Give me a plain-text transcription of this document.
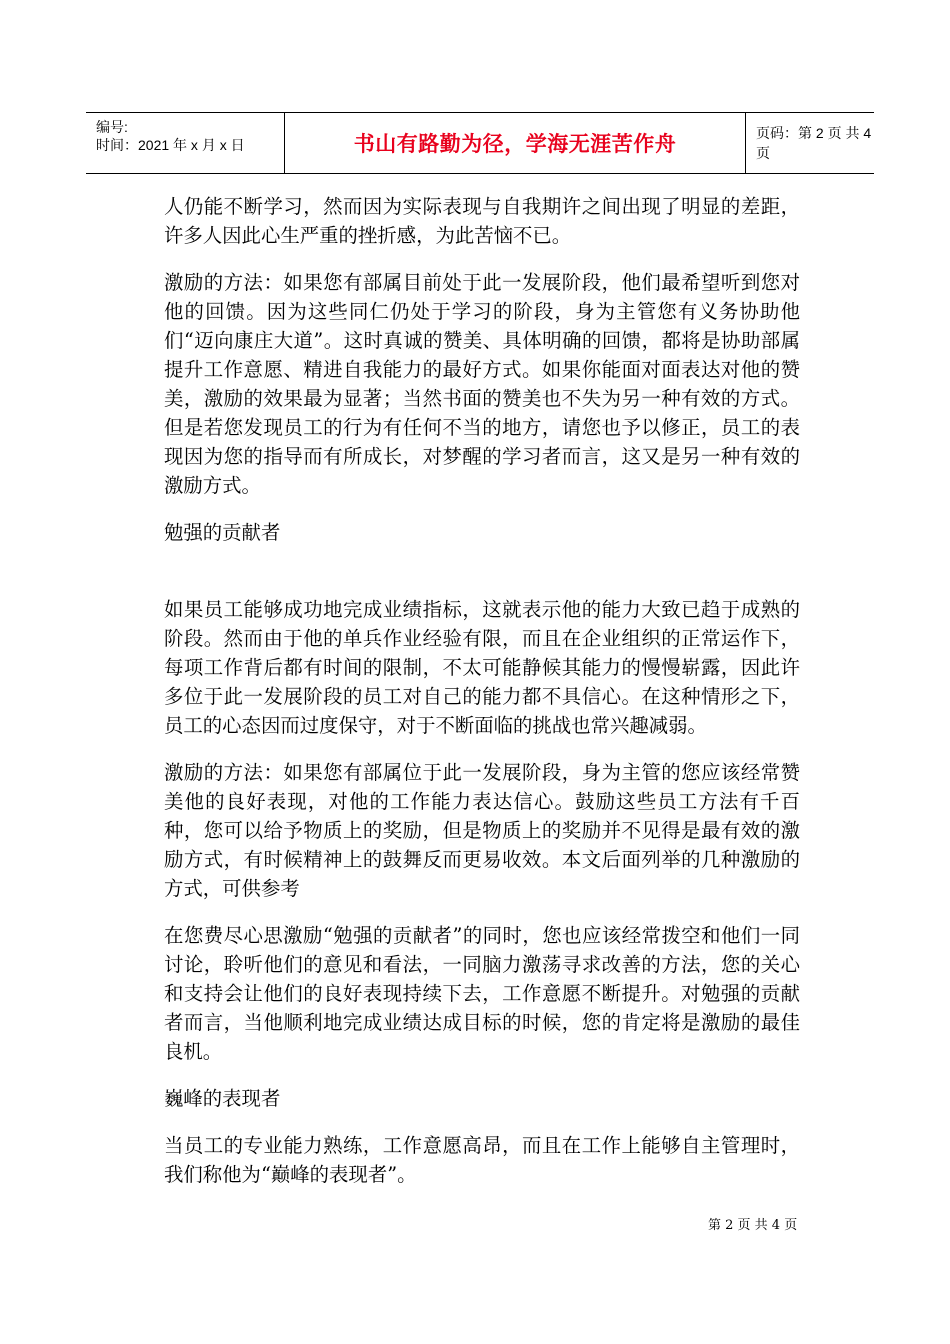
编号:
时间：2021 年 x 月 x 日	书山有路勤为径，学海无涯苦作舟	页码：第 2 页 共 4 页

人仍能不断学习，然而因为实际表现与自我期许之间出现了明显的差距，许多人因此心生严重的挫折感，为此苦恼不已。

激励的方法：如果您有部属目前处于此一发展阶段，他们最希望听到您对他的回馈。因为这些同仁仍处于学习的阶段，身为主管您有义务协助他们“迈向康庄大道”。这时真诚的赞美、具体明确的回馈，都将是协助部属提升工作意愿、精进自我能力的最好方式。如果你能面对面表达对他的赞美，激励的效果最为显著；当然书面的赞美也不失为另一种有效的方式。但是若您发现员工的行为有任何不当的地方，请您也予以修正，员工的表现因为您的指导而有所成长，对梦醒的学习者而言，这又是另一种有效的激励方式。

勉强的贡献者

如果员工能够成功地完成业绩指标，这就表示他的能力大致已趋于成熟的阶段。然而由于他的单兵作业经验有限，而且在企业组织的正常运作下，每项工作背后都有时间的限制，不太可能静候其能力的慢慢崭露，因此许多位于此一发展阶段的员工对自己的能力都不具信心。在这种情形之下，员工的心态因而过度保守，对于不断面临的挑战也常兴趣减弱。

激励的方法：如果您有部属位于此一发展阶段，身为主管的您应该经常赞美他的良好表现，对他的工作能力表达信心。鼓励这些员工方法有千百种，您可以给予物质上的奖励，但是物质上的奖励并不见得是最有效的激励方式，有时候精神上的鼓舞反而更易收效。本文后面列举的几种激励的方式，可供参考

在您费尽心思激励“勉强的贡献者”的同时，您也应该经常拨空和他们一同讨论，聆听他们的意见和看法，一同脑力激荡寻求改善的方法，您的关心和支持会让他们的良好表现持续下去，工作意愿不断提升。对勉强的贡献者而言，当他顺利地完成业绩达成目标的时候，您的肯定将是激励的最佳良机。

巍峰的表现者

当员工的专业能力熟练，工作意愿高昂，而且在工作上能够自主管理时，我们称他为“巅峰的表现者”。

第 2 页 共 4 页
